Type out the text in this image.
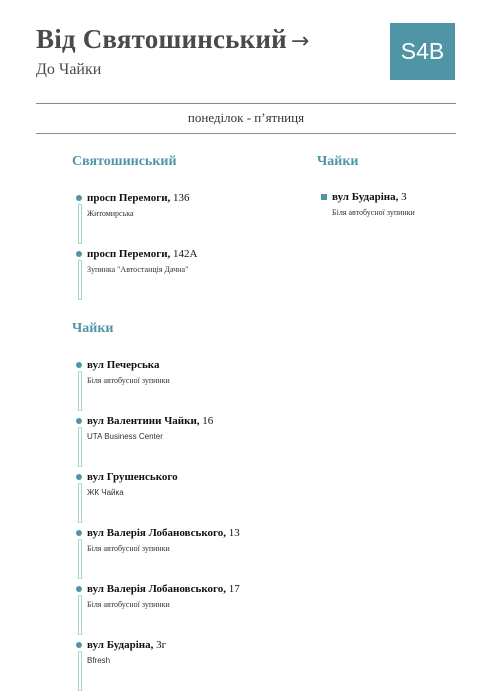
Від Святошинський →
До Чайки
S4B
понеділок - п’ятниця
Святошинський
просп Перемоги, 136
Житомирська
просп Перемоги, 142А
Зупинка "Автостанція Дачна"
Чайки
вул Бударіна, 3
Біля автобусної зупинки
Чайки
вул Печерська
Біля автобусної зупинки
вул Валентини Чайки, 16
UTA Business Center
вул Грушенського
ЖК Чайка
вул Валерія Лобановського, 13
Біля автобусної зупинки
вул Валерія Лобановського, 17
Біля автобусної зупинки
вул Бударіна, 3г
Bfresh
